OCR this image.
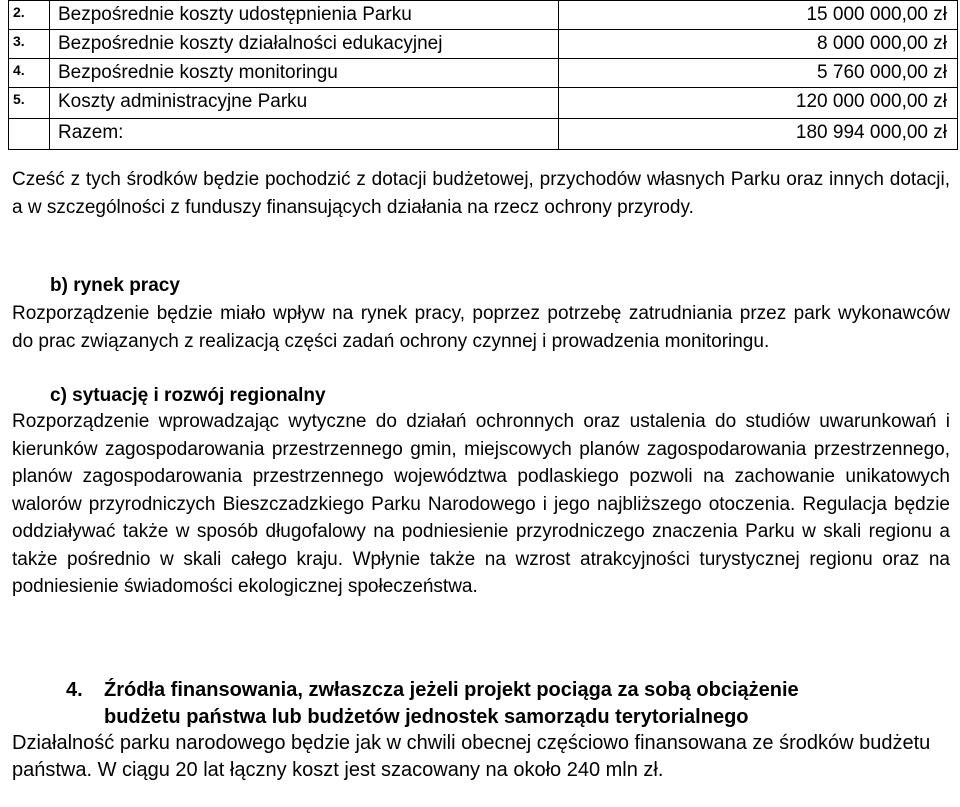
2.	Bezpośrednie koszty udostępnienia Parku	15 000 000,00 zł
3.	Bezpośrednie koszty działalności edukacyjnej	8 000 000,00 zł
4.	Bezpośrednie koszty monitoringu	5 760 000,00 zł
5.	Koszty administracyjne Parku	120 000 000,00 zł
	Razem:	180 994 000,00 zł

Cześć z tych środków będzie pochodzić z dotacji budżetowej, przychodów własnych Parku oraz innych dotacji, a w szczególności z funduszy finansujących działania na rzecz ochrony przyrody.

b) rynek pracy

Rozporządzenie będzie miało wpływ na rynek pracy, poprzez potrzebę zatrudniania przez park wykonawców do prac związanych z realizacją części zadań ochrony czynnej i prowadzenia monitoringu.

c) sytuację i rozwój regionalny

Rozporządzenie wprowadzając wytyczne do działań ochronnych oraz ustalenia do studiów uwarunkowań i kierunków zagospodarowania przestrzennego gmin, miejscowych planów zagospodarowania przestrzennego, planów zagospodarowania przestrzennego województwa podlaskiego pozwoli na zachowanie unikatowych walorów przyrodniczych Bieszczadzkiego Parku Narodowego i jego najbliższego otoczenia. Regulacja będzie oddziaływać także w sposób długofalowy na podniesienie przyrodniczego znaczenia Parku w skali regionu a także pośrednio w skali całego kraju. Wpłynie także na wzrost atrakcyjności turystycznej regionu oraz na podniesienie świadomości ekologicznej społeczeństwa.

4. Źródła finansowania, zwłaszcza jeżeli projekt pociąga za sobą obciążenie
budżetu państwa lub budżetów jednostek samorządu terytorialnego

Działalność parku narodowego będzie jak w chwili obecnej częściowo finansowana ze środków budżetu państwa. W ciągu 20 lat łączny koszt jest szacowany na około 240 mln zł.
